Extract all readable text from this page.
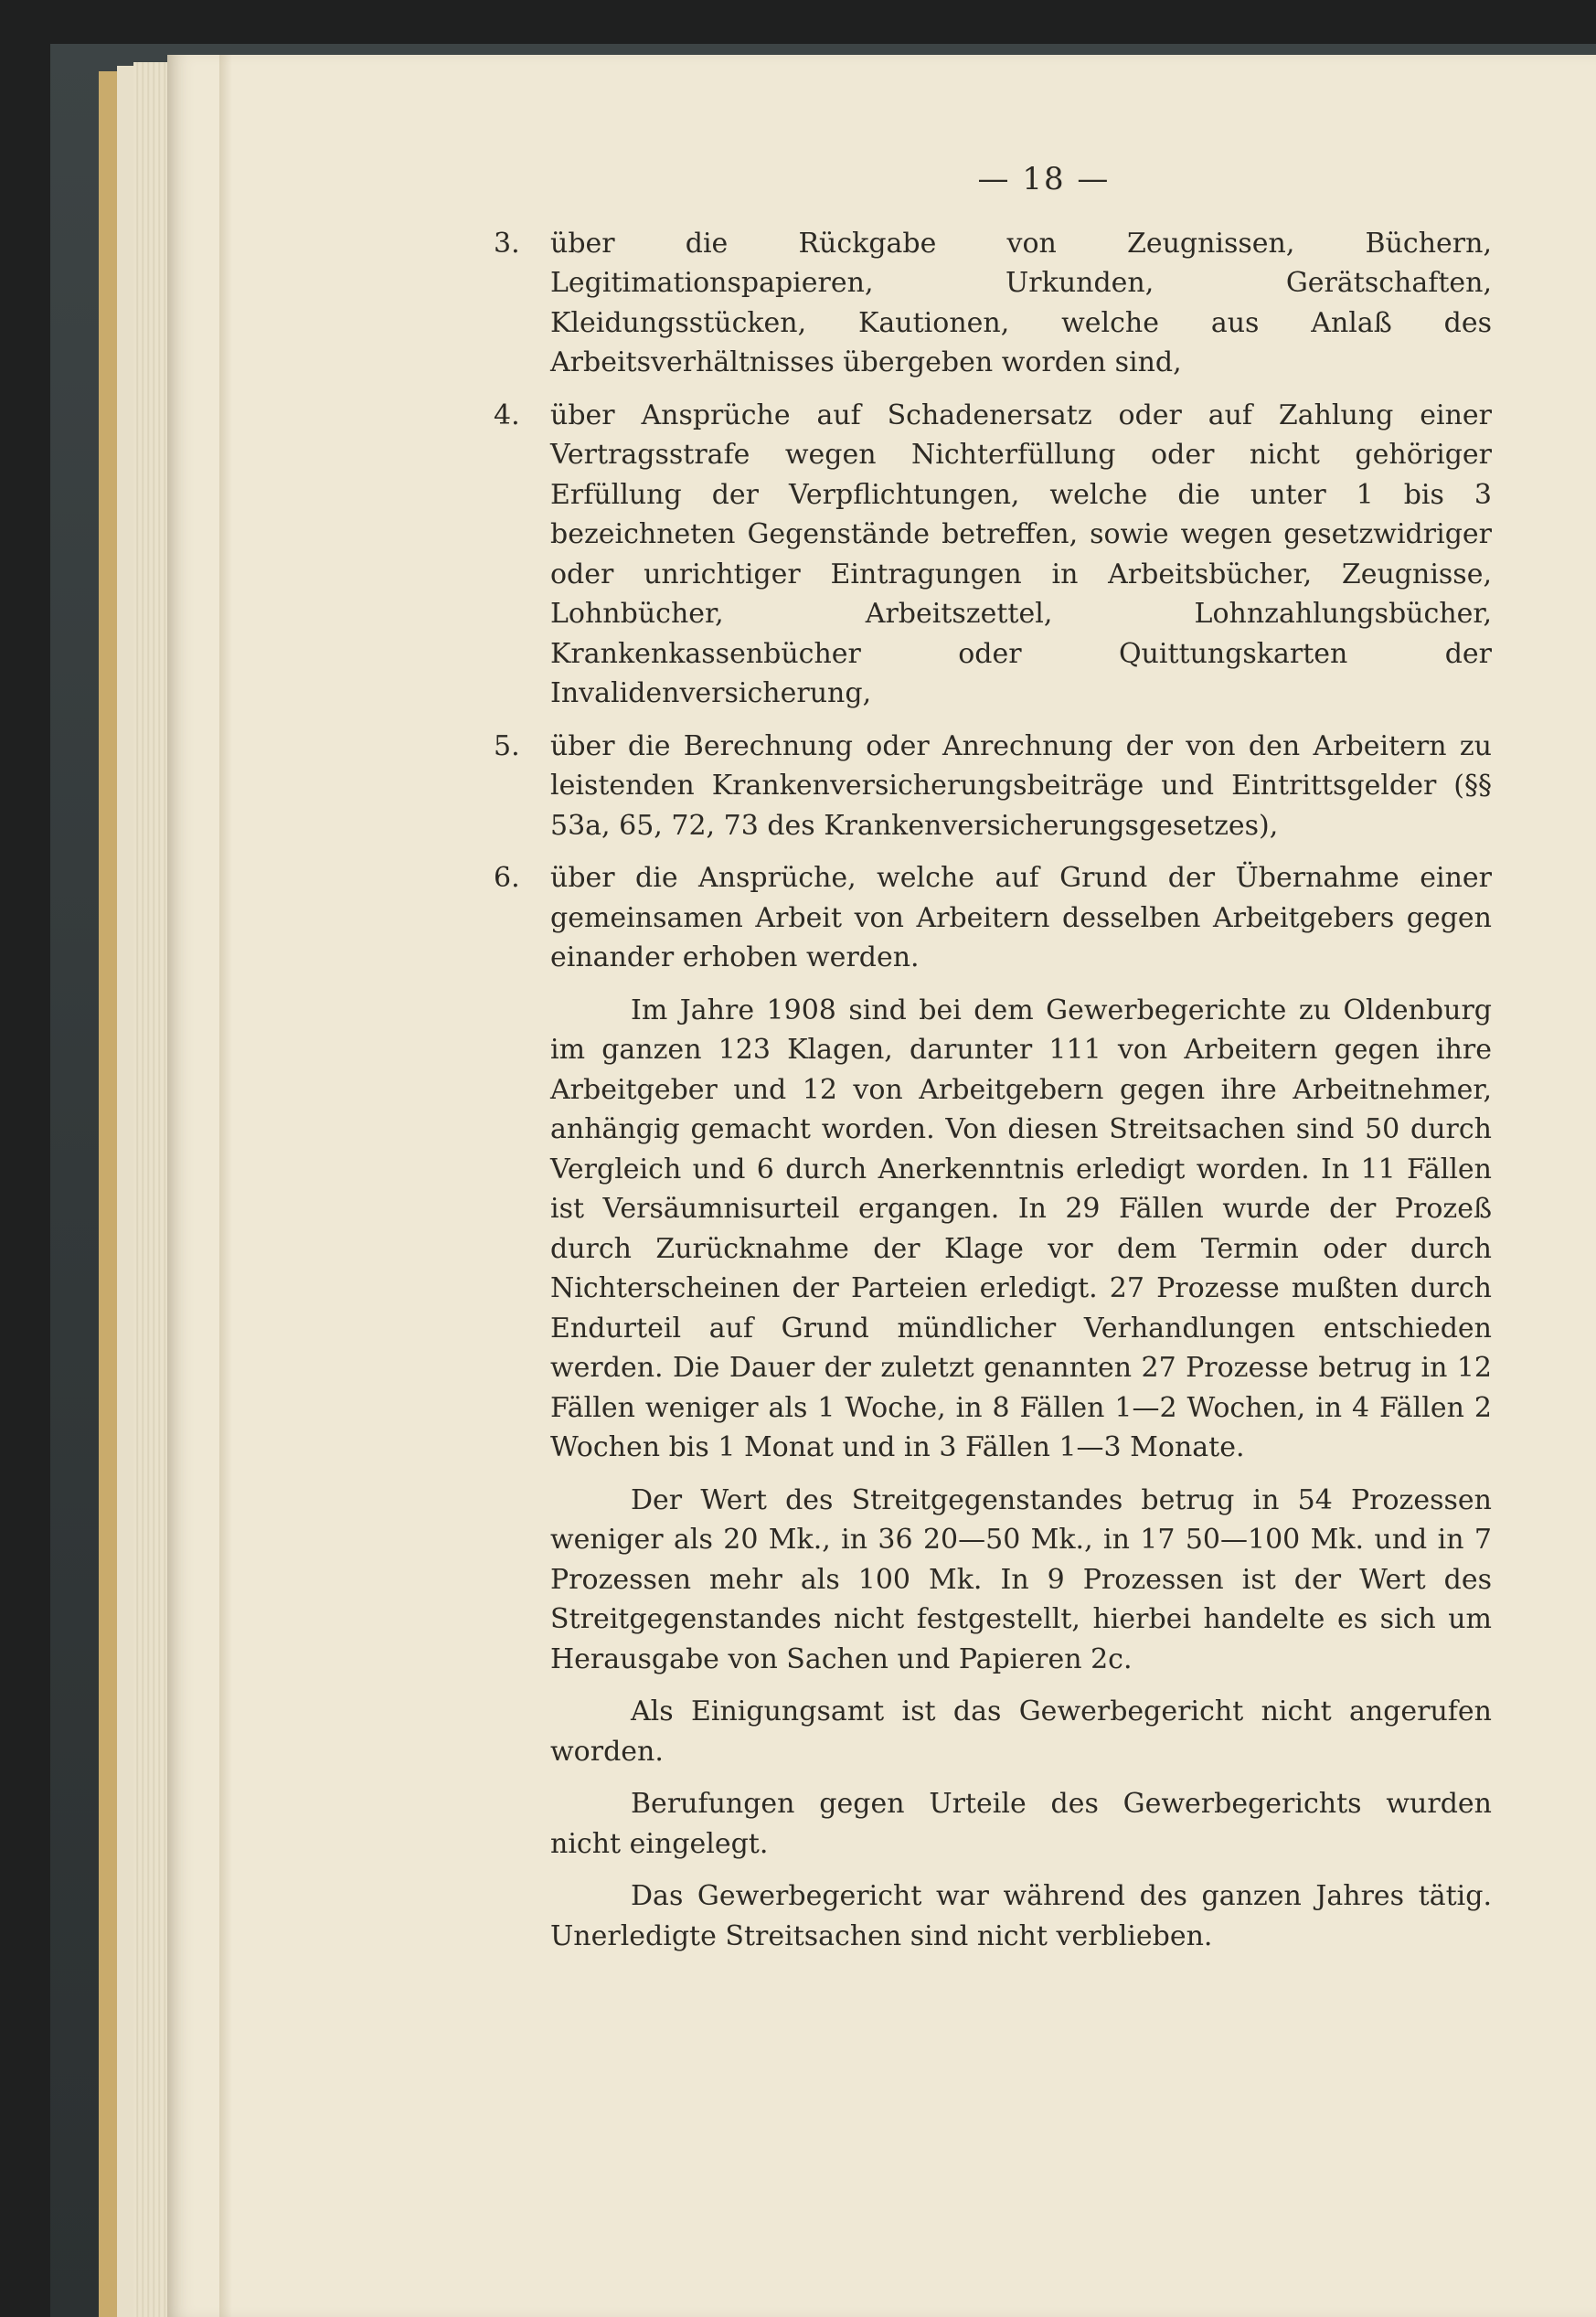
— 18 —
3.	über die Rückgabe von Zeugnissen, Büchern, Legitimationspapieren, Urkunden, Gerätschaften, Kleidungsstücken, Kautionen, welche aus Anlaß des Arbeitsverhältnisses übergeben worden sind,
4.	über Ansprüche auf Schadenersatz oder auf Zahlung einer Vertragsstrafe wegen Nichterfüllung oder nicht gehöriger Erfüllung der Verpflichtungen, welche die unter 1 bis 3 bezeichneten Gegenstände betreffen, sowie wegen gesetzwidriger oder unrichtiger Eintragungen in Arbeitsbücher, Zeugnisse, Lohnbücher, Arbeitszettel, Lohnzahlungsbücher, Krankenkassenbücher oder Quittungskarten der Invalidenversicherung,
5.	über die Berechnung oder Anrechnung der von den Arbeitern zu leistenden Krankenversicherungsbeiträge und Eintrittsgelder (§§ 53a, 65, 72, 73 des Krankenversicherungsgesetzes),
6.	über die Ansprüche, welche auf Grund der Übernahme einer gemeinsamen Arbeit von Arbeitern desselben Arbeitgebers gegen einander erhoben werden.

Im Jahre 1908 sind bei dem Gewerbegerichte zu Oldenburg im ganzen 123 Klagen, darunter 111 von Arbeitern gegen ihre Arbeitgeber und 12 von Arbeitgebern gegen ihre Arbeitnehmer, anhängig gemacht worden. Von diesen Streitsachen sind 50 durch Vergleich und 6 durch Anerkenntnis erledigt worden. In 11 Fällen ist Versäumnisurteil ergangen. In 29 Fällen wurde der Prozeß durch Zurücknahme der Klage vor dem Termin oder durch Nichterscheinen der Parteien erledigt. 27 Prozesse mußten durch Endurteil auf Grund mündlicher Verhandlungen entschieden werden. Die Dauer der zuletzt genannten 27 Prozesse betrug in 12 Fällen weniger als 1 Woche, in 8 Fällen 1—2 Wochen, in 4 Fällen 2 Wochen bis 1 Monat und in 3 Fällen 1—3 Monate.

Der Wert des Streitgegenstandes betrug in 54 Prozessen weniger als 20 Mk., in 36 20—50 Mk., in 17 50—100 Mk. und in 7 Prozessen mehr als 100 Mk. In 9 Prozessen ist der Wert des Streitgegenstandes nicht festgestellt, hierbei handelte es sich um Herausgabe von Sachen und Papieren 2c.

Als Einigungsamt ist das Gewerbegericht nicht angerufen worden.

Berufungen gegen Urteile des Gewerbegerichts wurden nicht eingelegt.

Das Gewerbegericht war während des ganzen Jahres tätig. Unerledigte Streitsachen sind nicht verblieben.
